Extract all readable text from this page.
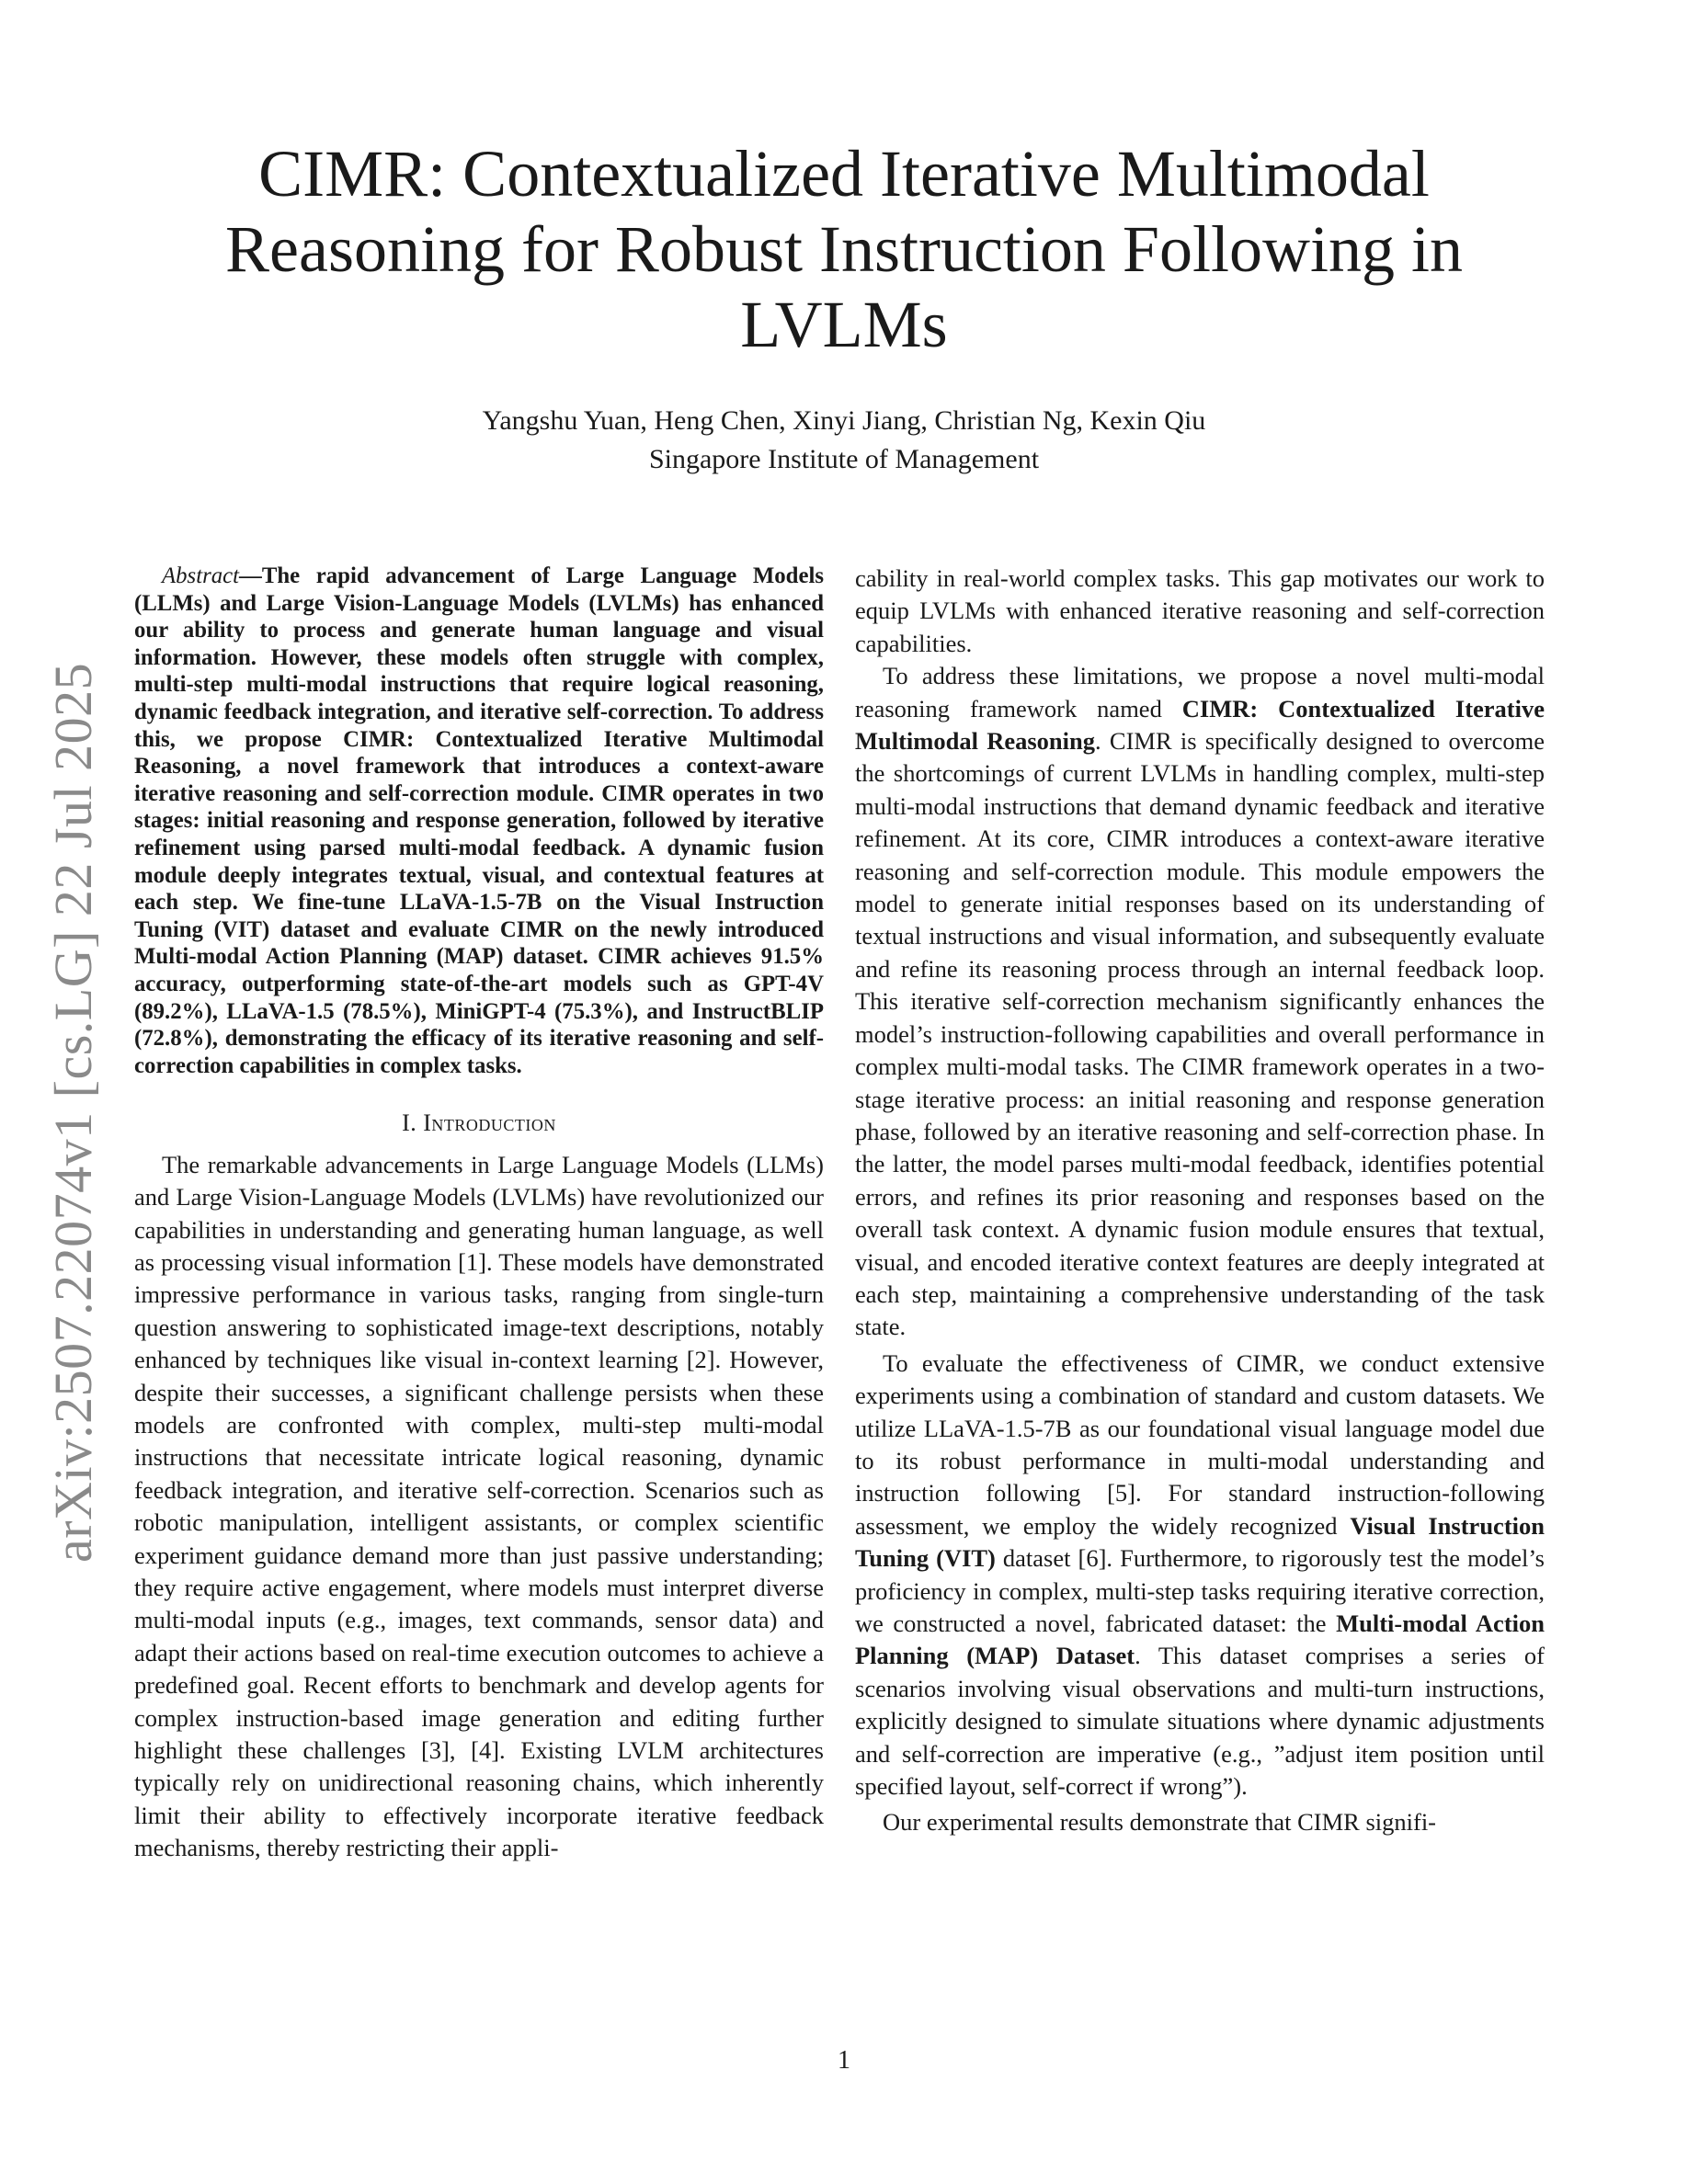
arXiv:2507.22074v1 [cs.LG] 22 Jul 2025
CIMR: Contextualized Iterative Multimodal Reasoning for Robust Instruction Following in LVLMs
Yangshu Yuan, Heng Chen, Xinyi Jiang, Christian Ng, Kexin Qiu
Singapore Institute of Management

Abstract—The rapid advancement of Large Language Models (LLMs) and Large Vision-Language Models (LVLMs) has enhanced our ability to process and generate human language and visual information. However, these models often struggle with complex, multi-step multi-modal instructions that require logical reasoning, dynamic feedback integration, and iterative self-correction. To address this, we propose CIMR: Contextualized Iterative Multimodal Reasoning, a novel framework that introduces a context-aware iterative reasoning and self-correction module. CIMR operates in two stages: initial reasoning and response generation, followed by iterative refinement using parsed multi-modal feedback. A dynamic fusion module deeply integrates textual, visual, and contextual features at each step. We fine-tune LLaVA-1.5-7B on the Visual Instruction Tuning (VIT) dataset and evaluate CIMR on the newly introduced Multi-modal Action Planning (MAP) dataset. CIMR achieves 91.5% accuracy, outperforming state-of-the-art models such as GPT-4V (89.2%), LLaVA-1.5 (78.5%), MiniGPT-4 (75.3%), and InstructBLIP (72.8%), demonstrating the efficacy of its iterative reasoning and self-correction capabilities in complex tasks.

I. Introduction

The remarkable advancements in Large Language Models (LLMs) and Large Vision-Language Models (LVLMs) have revolutionized our capabilities in understanding and generating human language, as well as processing visual information [1]. These models have demonstrated impressive performance in various tasks, ranging from single-turn question answering to sophisticated image-text descriptions, notably enhanced by techniques like visual in-context learning [2]. However, despite their successes, a significant challenge persists when these models are confronted with complex, multi-step multi-modal instructions that necessitate intricate logical reasoning, dynamic feedback integration, and iterative self-correction. Scenarios such as robotic manipulation, intelligent assistants, or complex scientific experiment guidance demand more than just passive understanding; they require active engagement, where models must interpret diverse multi-modal inputs (e.g., images, text commands, sensor data) and adapt their actions based on real-time execution outcomes to achieve a predefined goal. Recent efforts to benchmark and develop agents for complex instruction-based image generation and editing further highlight these challenges [3], [4]. Existing LVLM architectures typically rely on unidirectional reasoning chains, which inherently limit their ability to effectively incorporate iterative feedback mechanisms, thereby restricting their appli-

cability in real-world complex tasks. This gap motivates our work to equip LVLMs with enhanced iterative reasoning and self-correction capabilities.

To address these limitations, we propose a novel multi-modal reasoning framework named CIMR: Contextualized Iterative Multimodal Reasoning. CIMR is specifically designed to overcome the shortcomings of current LVLMs in handling complex, multi-step multi-modal instructions that demand dynamic feedback and iterative refinement. At its core, CIMR introduces a context-aware iterative reasoning and self-correction module. This module empowers the model to generate initial responses based on its understanding of textual instructions and visual information, and subsequently evaluate and refine its reasoning process through an internal feedback loop. This iterative self-correction mechanism significantly enhances the model’s instruction-following capabilities and overall performance in complex multi-modal tasks. The CIMR framework operates in a two-stage iterative process: an initial reasoning and response generation phase, followed by an iterative reasoning and self-correction phase. In the latter, the model parses multi-modal feedback, identifies potential errors, and refines its prior reasoning and responses based on the overall task context. A dynamic fusion module ensures that textual, visual, and encoded iterative context features are deeply integrated at each step, maintaining a comprehensive understanding of the task state.

To evaluate the effectiveness of CIMR, we conduct extensive experiments using a combination of standard and custom datasets. We utilize LLaVA-1.5-7B as our foundational visual language model due to its robust performance in multi-modal understanding and instruction following [5]. For standard instruction-following assessment, we employ the widely recognized Visual Instruction Tuning (VIT) dataset [6]. Furthermore, to rigorously test the model’s proficiency in complex, multi-step tasks requiring iterative correction, we constructed a novel, fabricated dataset: the Multi-modal Action Planning (MAP) Dataset. This dataset comprises a series of scenarios involving visual observations and multi-turn instructions, explicitly designed to simulate situations where dynamic adjustments and self-correction are imperative (e.g., ”adjust item position until specified layout, self-correct if wrong”).

Our experimental results demonstrate that CIMR signifi-

1
